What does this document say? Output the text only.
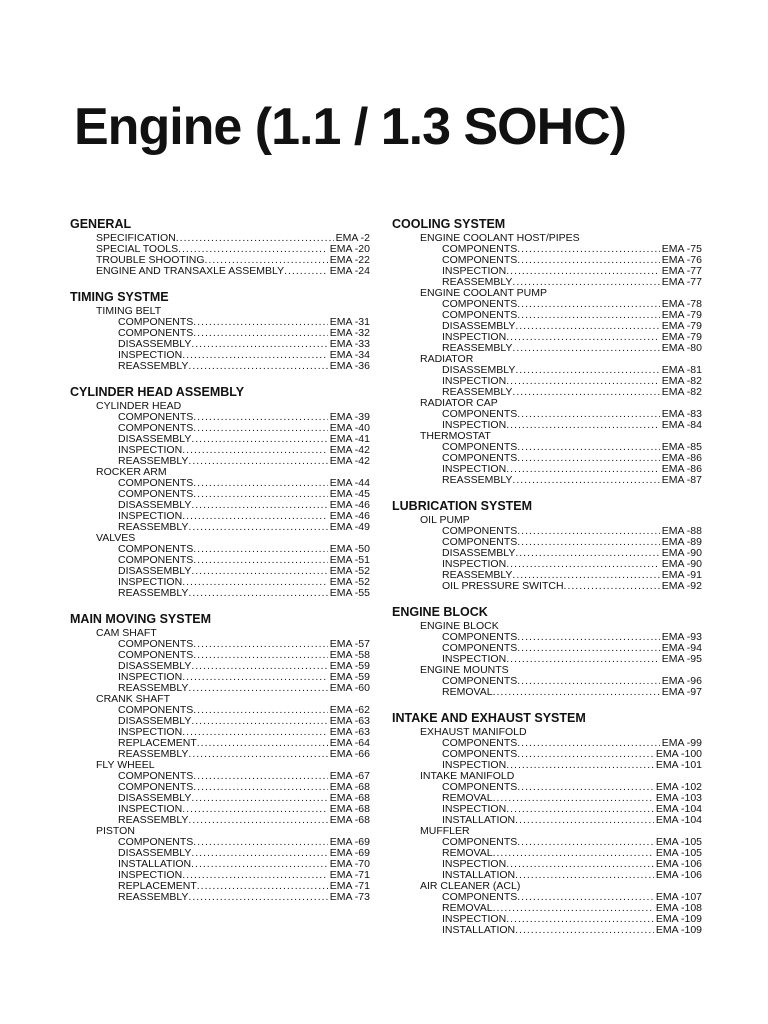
Engine (1.1 / 1.3 SOHC)
GENERAL
SPECIFICATION .....	EMA -2
SPECIAL TOOLS .....	EMA -20
TROUBLE SHOOTING .....	EMA -22
ENGINE AND TRANSAXLE ASSEMBLY .....	EMA -24
TIMING SYSTME
TIMING BELT
COMPONENTS .....	EMA -31
COMPONENTS .....	EMA -32
DISASSEMBLY .....	EMA -33
INSPECTION .....	EMA -34
REASSEMBLY .....	EMA -36
CYLINDER HEAD ASSEMBLY
CYLINDER HEAD
COMPONENTS .....	EMA -39
COMPONENTS .....	EMA -40
DISASSEMBLY .....	EMA -41
INSPECTION .....	EMA -42
REASSEMBLY .....	EMA -42
ROCKER ARM
COMPONENTS .....	EMA -44
COMPONENTS .....	EMA -45
DISASSEMBLY .....	EMA -46
INSPECTION .....	EMA -46
REASSEMBLY .....	EMA -49
VALVES
COMPONENTS .....	EMA -50
COMPONENTS .....	EMA -51
DISASSEMBLY .....	EMA -52
INSPECTION .....	EMA -52
REASSEMBLY .....	EMA -55
MAIN MOVING SYSTEM
CAM SHAFT
COMPONENTS .....	EMA -57
COMPONENTS .....	EMA -58
DISASSEMBLY .....	EMA -59
INSPECTION .....	EMA -59
REASSEMBLY .....	EMA -60
CRANK SHAFT
COMPONENTS .....	EMA -62
DISASSEMBLY .....	EMA -63
INSPECTION .....	EMA -63
REPLACEMENT .....	EMA -64
REASSEMBLY .....	EMA -66
FLY WHEEL
COMPONENTS .....	EMA -67
COMPONENTS .....	EMA -68
DISASSEMBLY .....	EMA -68
INSPECTION .....	EMA -68
REASSEMBLY .....	EMA -68
PISTON
COMPONENTS .....	EMA -69
DISASSEMBLY .....	EMA -69
INSTALLATION .....	EMA -70
INSPECTION .....	EMA -71
REPLACEMENT .....	EMA -71
REASSEMBLY .....	EMA -73
COOLING SYSTEM
ENGINE COOLANT HOST/PIPES
COMPONENTS .....	EMA -75
COMPONENTS .....	EMA -76
INSPECTION .....	EMA -77
REASSEMBLY .....	EMA -77
ENGINE COOLANT PUMP
COMPONENTS .....	EMA -78
COMPONENTS .....	EMA -79
DISASSEMBLY .....	EMA -79
INSPECTION .....	EMA -79
REASSEMBLY .....	EMA -80
RADIATOR
DISASSEMBLY .....	EMA -81
INSPECTION .....	EMA -82
REASSEMBLY .....	EMA -82
RADIATOR CAP
COMPONENTS .....	EMA -83
INSPECTION .....	EMA -84
THERMOSTAT
COMPONENTS .....	EMA -85
COMPONENTS .....	EMA -86
INSPECTION .....	EMA -86
REASSEMBLY .....	EMA -87
LUBRICATION SYSTEM
OIL PUMP
COMPONENTS .....	EMA -88
COMPONENTS .....	EMA -89
DISASSEMBLY .....	EMA -90
INSPECTION .....	EMA -90
REASSEMBLY .....	EMA -91
OIL PRESSURE SWITCH .....	EMA -92
ENGINE BLOCK
ENGINE BLOCK
COMPONENTS .....	EMA -93
COMPONENTS .....	EMA -94
INSPECTION .....	EMA -95
ENGINE MOUNTS
COMPONENTS .....	EMA -96
REMOVAL .....	EMA -97
INTAKE AND EXHAUST SYSTEM
EXHAUST MANIFOLD
COMPONENTS .....	EMA -99
COMPONENTS .....	EMA -100
INSPECTION .....	EMA -101
INTAKE MANIFOLD
COMPONENTS .....	EMA -102
REMOVAL .....	EMA -103
INSPECTION .....	EMA -104
INSTALLATION .....	EMA -104
MUFFLER
COMPONENTS .....	EMA -105
REMOVAL .....	EMA -105
INSPECTION .....	EMA -106
INSTALLATION .....	EMA -106
AIR CLEANER (ACL)
COMPONENTS .....	EMA -107
REMOVAL .....	EMA -108
INSPECTION .....	EMA -109
INSTALLATION .....	EMA -109
